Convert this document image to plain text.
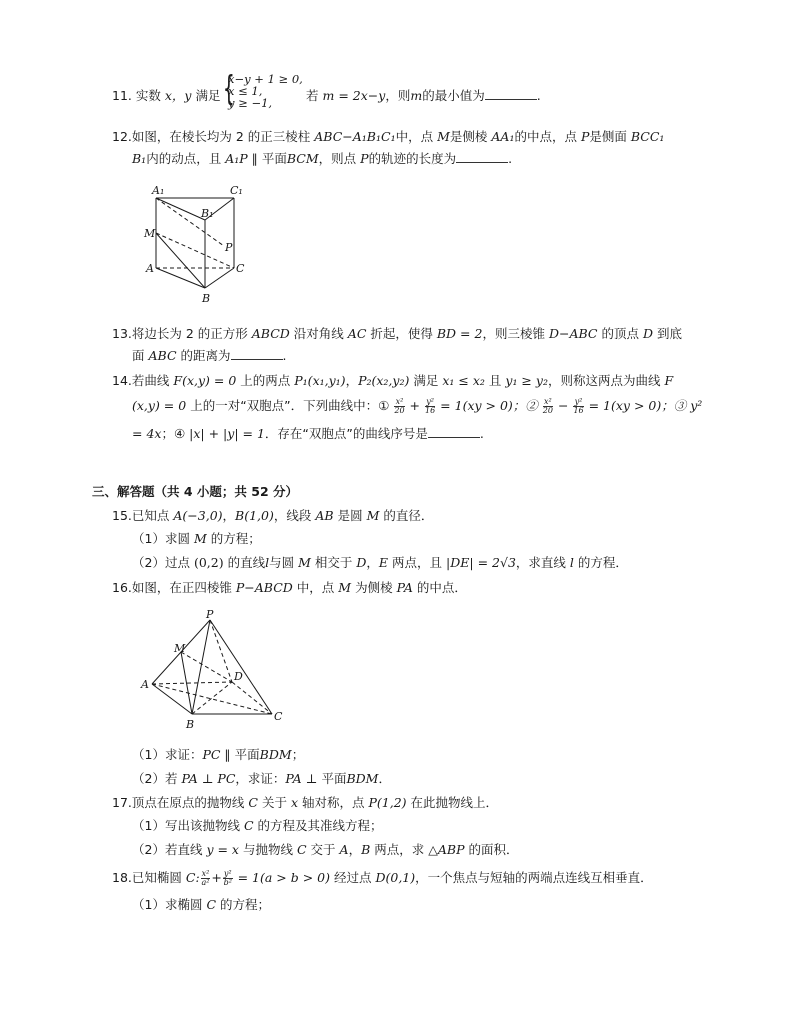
11. 实数 x，y 满足 {
x−y + 1 ≥ 0,
x ≤ 1,
y ≥ −1,	若 m = 2x−y，则m的最小值为	.
12.如图，在棱长均为 2 的正三棱柱 ABC−A₁B₁C₁中，点 M是侧棱 AA₁的中点，点 P是侧面 BCC₁
B₁内的动点，且 A₁P ∥ 平面BCM，则点 P的轨迹的长度为	.
A₁	C₁
B₁
M
P
A	C
B
13.将边长为 2 的正方形 ABCD 沿对角线 AC 折起，使得 BD = 2，则三棱锥 D−ABC 的顶点 D 到底
面 ABC 的距离为	.
14.若曲线 F(x,y) = 0 上的两点 P₁(x₁,y₁)，P₂(x₂,y₂) 满足 x₁ ≤ x₂ 且 y₁ ≥ y₂，则称这两点为曲线 F
(x,y) = 0 上的一对“双胞点”．下列曲线中：① $\frac{\text{x²}}{20} + \frac{\text{y²}}{16} = 1(xy > 0)$；② $\frac{\text{x²}}{20} - \frac{\text{y²}}{16} = 1(xy > 0)$；③ y²
= 4x；④ |x| + |y| = 1．存在“双胞点”的曲线序号是	.
三、解答题（共 4 小题；共 52 分）
15.已知点 A(−3,0)，B(1,0)，线段 AB 是圆 M 的直径．
（1）求圆 M 的方程；
（2）过点 (0,2) 的直线l与圆 M 相交于 D，E 两点，且 |DE| = 2√3，求直线 l 的方程．
16.如图，在正四棱锥 P−ABCD 中，点 M 为侧棱 PA 的中点．
P
M
A
D
B
C
（1）求证：PC ∥ 平面BDM；
（2）若 PA ⊥ PC，求证：PA ⊥ 平面BDM．
17.顶点在原点的抛物线 C 关于 x 轴对称，点 P(1,2) 在此抛物线上．
（1）写出该抛物线 C 的方程及其准线方程；
（2）若直线 y = x 与抛物线 C 交于 A，B 两点，求 △ABP 的面积．
18.已知椭圆 C: $\frac{\text{x²}}{\text{a²}} + \frac{\text{y²}}{\text{b²}} = 1(a > b > 0)$ 经过点 D(0,1)，一个焦点与短轴的两端点连线互相垂直．
（1）求椭圆 C 的方程；
